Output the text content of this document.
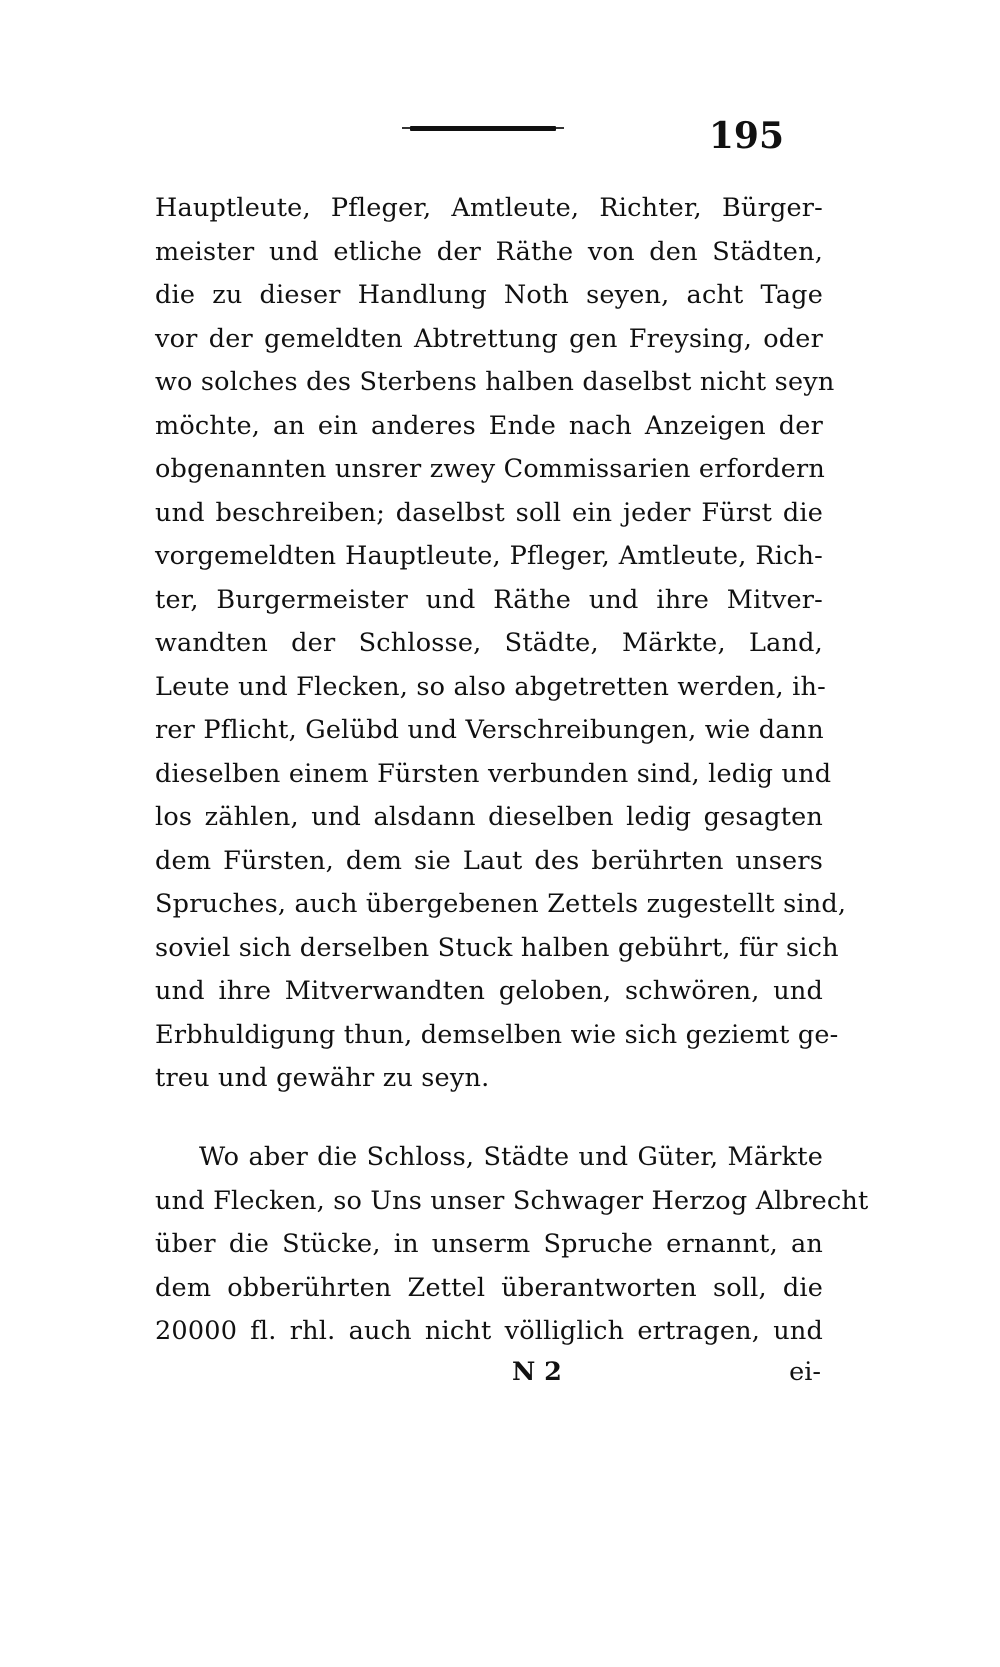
195
Hauptleute, Pfleger, Amtleute, Richter, Bürger‑
meister und etliche der Räthe von den Städten,
die zu dieser Handlung Noth seyen, acht Tage
vor der gemeldten Abtrettung gen Freysing, oder
wo solches des Sterbens halben daselbst nicht seyn
möchte, an ein anderes Ende nach Anzeigen der
obgenannten unsrer zwey Commissarien erfordern
und beschreiben; daselbst soll ein jeder Fürst die
vorgemeldten Hauptleute, Pfleger, Amtleute, Rich‑
ter, Burgermeister und Räthe und ihre Mitver‑
wandten der Schlosse, Städte, Märkte, Land,
Leute und Flecken, so also abgetretten werden, ih‑
rer Pflicht, Gelübd und Verschreibungen, wie dann
dieselben einem Fürsten verbunden sind, ledig und
los zählen, und alsdann dieselben ledig gesagten
dem Fürsten, dem sie Laut des berührten unsers
Spruches, auch übergebenen Zettels zugestellt sind,
soviel sich derselben Stuck halben gebührt, für sich
und ihre Mitverwandten geloben, schwören, und
Erbhuldigung thun, demselben wie sich geziemt ge‑
treu und gewähr zu seyn.
Wo aber die Schloss, Städte und Güter, Märkte
und Flecken, so Uns unser Schwager Herzog Albrecht
über die Stücke, in unserm Spruche ernannt, an
dem obberührten Zettel überantworten soll, die
20000 fl. rhl. auch nicht völliglich ertragen, und
N 2	ei‑
